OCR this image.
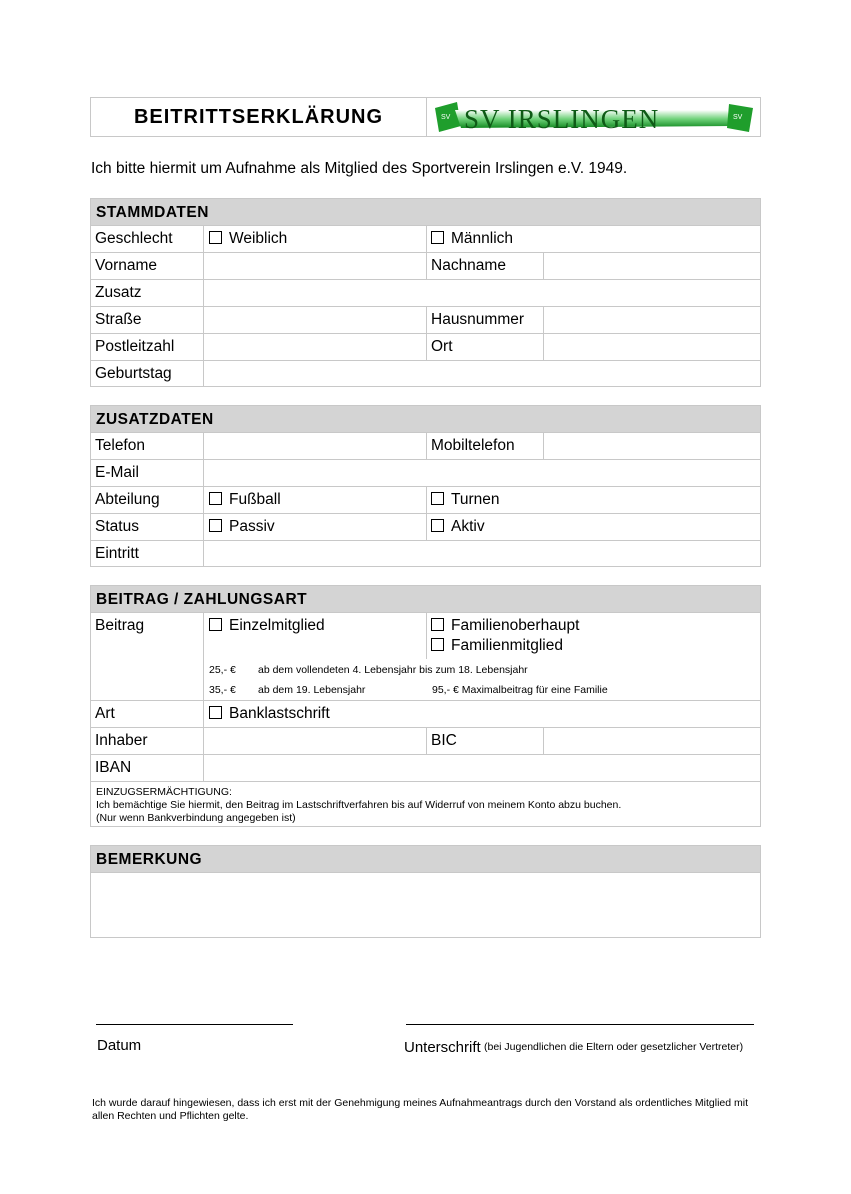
BEITRITTSERKLÄRUNG	SV SV IRSLINGEN	SV
Ich bitte hiermit um Aufnahme als Mitglied des Sportverein Irslingen e.V. 1949.
STAMMDATEN
Geschlecht	Weiblich	Männlich
Vorname	Nachname
Zusatz
Straße	Hausnummer
Postleitzahl	Ort
Geburtstag
ZUSATZDATEN
Telefon	Mobiltelefon
E-Mail
Abteilung	Fußball	Turnen
Status	Passiv	Aktiv
Eintritt
BEITRAG / ZAHLUNGSART
Beitrag	Einzelmitglied	Familienoberhaupt
Familienmitglied
25,- € ab dem vollendeten 4. Lebensjahr bis zum 18. Lebensjahr
35,- € ab dem 19. Lebensjahr	95,- € Maximalbeitrag für eine Familie
Art	Banklastschrift
Inhaber	BIC
IBAN
EINZUGSERMÄCHTIGUNG:
Ich bemächtige Sie hiermit, den Beitrag im Lastschriftverfahren bis auf Widerruf von meinem Konto abzu buchen.
(Nur wenn Bankverbindung angegeben ist)
BEMERKUNG
Datum	Unterschrift (bei Jugendlichen die Eltern oder gesetzlicher Vertreter)
Ich wurde darauf hingewiesen, dass ich erst mit der Genehmigung meines Aufnahmeantrags durch den Vorstand als ordentliches Mitglied mit allen Rechten und Pflichten gelte.
